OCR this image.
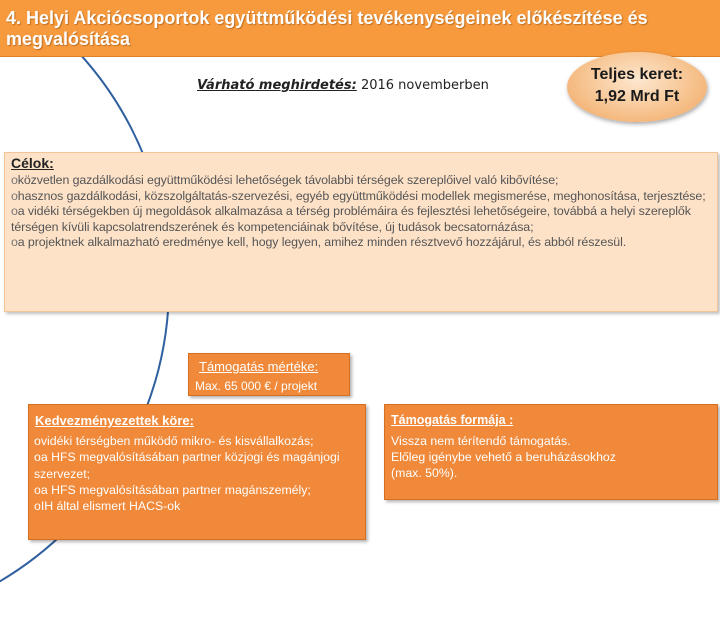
4. Helyi Akciócsoportok együttműködési tevékenységeinek előkészítése és megvalósítása
Várható meghirdetés: 2016 novemberben
Teljes keret:
1,92 Mrd Ft
Célok:

oközvetlen gazdálkodási együttműködési lehetőségek távolabbi térségek szereplőivel való kibővítése;

ohasznos gazdálkodási, közszolgáltatás-szervezési, egyéb együttműködési modellek megismerése, meghonosítása, terjesztése;

oa vidéki térségekben új megoldások alkalmazása a térség problémáira és fejlesztési lehetőségeire, továbbá a helyi szereplők térségen kívüli kapcsolatrendszerének és kompetenciáinak bővítése, új tudások becsatornázása;

oa projektnek alkalmazható eredménye kell, hogy legyen, amihez minden résztvevő hozzájárul, és abból részesül.

Támogatás mértéke:
Max. 65 000 € / projekt
Kedvezményezettek köre:
ovidéki térségben működő mikro- és kisvállalkozás;
oa HFS megvalósításában partner közjogi és magánjogi szervezet;
oa HFS megvalósításában partner magánszemély;
oIH által elismert HACS-ok
Támogatás formája :

Vissza nem térítendő támogatás.

Előleg igénybe vehető a beruházásokhoz

(max. 50%).
